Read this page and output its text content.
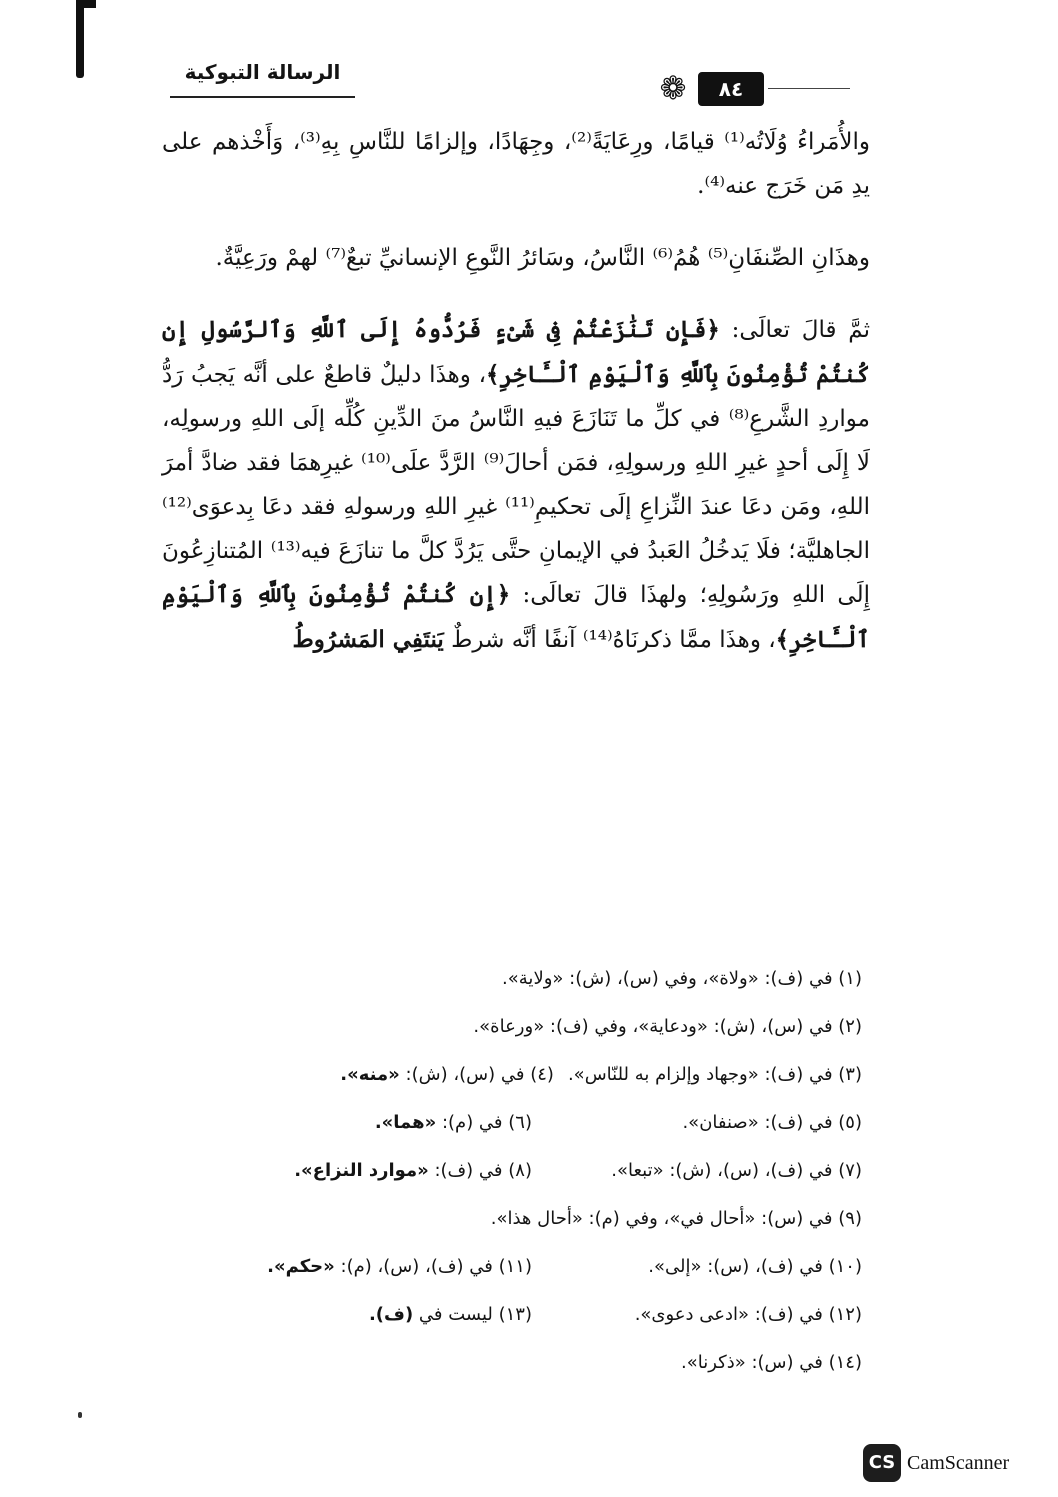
الرسالة التبوكية	❁	٨٤

والأُمَراءُ وُلَاتُه⁽¹⁾ قيامًا، ورِعَايَةً⁽²⁾، وجِهَادًا، وإلزامًا للنَّاسِ بِهِ⁽³⁾، وَأَخْذهم على يدِ مَن خَرَج عنه⁽⁴⁾.

وهذَانِ الصِّنفَانِ⁽⁵⁾ هُمُ⁽⁶⁾ النَّاسُ، وسَائرُ النَّوعِ الإنسانيِّ تبعٌ⁽⁷⁾ لهمْ ورَعِيَّةٌ.

ثمَّ قالَ تعالَى: ﴿فَإِن تَنَٰزَعْتُمْ فِى شَىْءٍ فَرُدُّوهُ إِلَى ٱللَّهِ وَٱلرَّسُولِ إِن كُنتُمْ تُؤْمِنُونَ بِٱللَّهِ وَٱلْيَوْمِ ٱلْـَٔاخِرِ﴾، وهذَا دليلٌ قاطعٌ على أنَّه يَجبُ رَدُّ مواردِ الشَّرعِ⁽⁸⁾ في كلِّ ما تَنَازَعَ فيهِ النَّاسُ منَ الدِّينِ كُلِّه إلَى اللهِ ورسولِه، لَا إِلَى أحدٍ غيرِ اللهِ ورسولِهِ، فمَن أحالَ⁽⁹⁾ الرَّدَّ علَى⁽¹⁰⁾ غيرِهمَا فقد ضادَّ أمرَ اللهِ، ومَن دعَا عندَ النِّزاعِ إلَى تحكيمِ⁽¹¹⁾ غيرِ اللهِ ورسولهِ فقد دعَا بِدعوَى⁽¹²⁾ الجاهليَّة؛ فلَا يَدخُلُ العَبدُ في الإيمانِ حتَّى يَرُدَّ كلَّ ما تنازَعَ فيه⁽¹³⁾ المُتنازِعُونَ إِلَى اللهِ ورَسُولِهِ؛ ولهذَا قالَ تعالَى: ﴿إِن كُنتُمْ تُؤْمِنُونَ بِٱللَّهِ وَٱلْيَوْمِ ٱلْـَٔاخِرِ﴾، وهذَا ممَّا ذكرنَاهُ⁽¹⁴⁾ آنفًا أنَّه شرطٌ يَنتَفِي المَشرُوطُ

(١) في (ف): «ولاة»، وفي (س)، (ش): «ولاية».
(٢) في (س)، (ش): «ودعاية»، وفي (ف): «ورعاة».
(٣) في (ف): «وجهاد وإلزام به للنّاس».
(٤) في (س)، (ش): «منه».
(٥) في (ف): «صنفان».
(٦) في (م): «هما».
(٧) في (ف)، (س)، (ش): «تبعا».
(٨) في (ف): «موارد النزاع».
(٩) في (س): «أحال في»، وفي (م): «أحال هذا».
(١٠) في (ف)، (س): «إلى».
(١١) في (ف)، (س)، (م): «حكم».
(١٢) في (ف): «ادعى دعوى».
(١٣) ليست في (ف).
(١٤) في (س): «ذكرنا».
CS CamScanner
